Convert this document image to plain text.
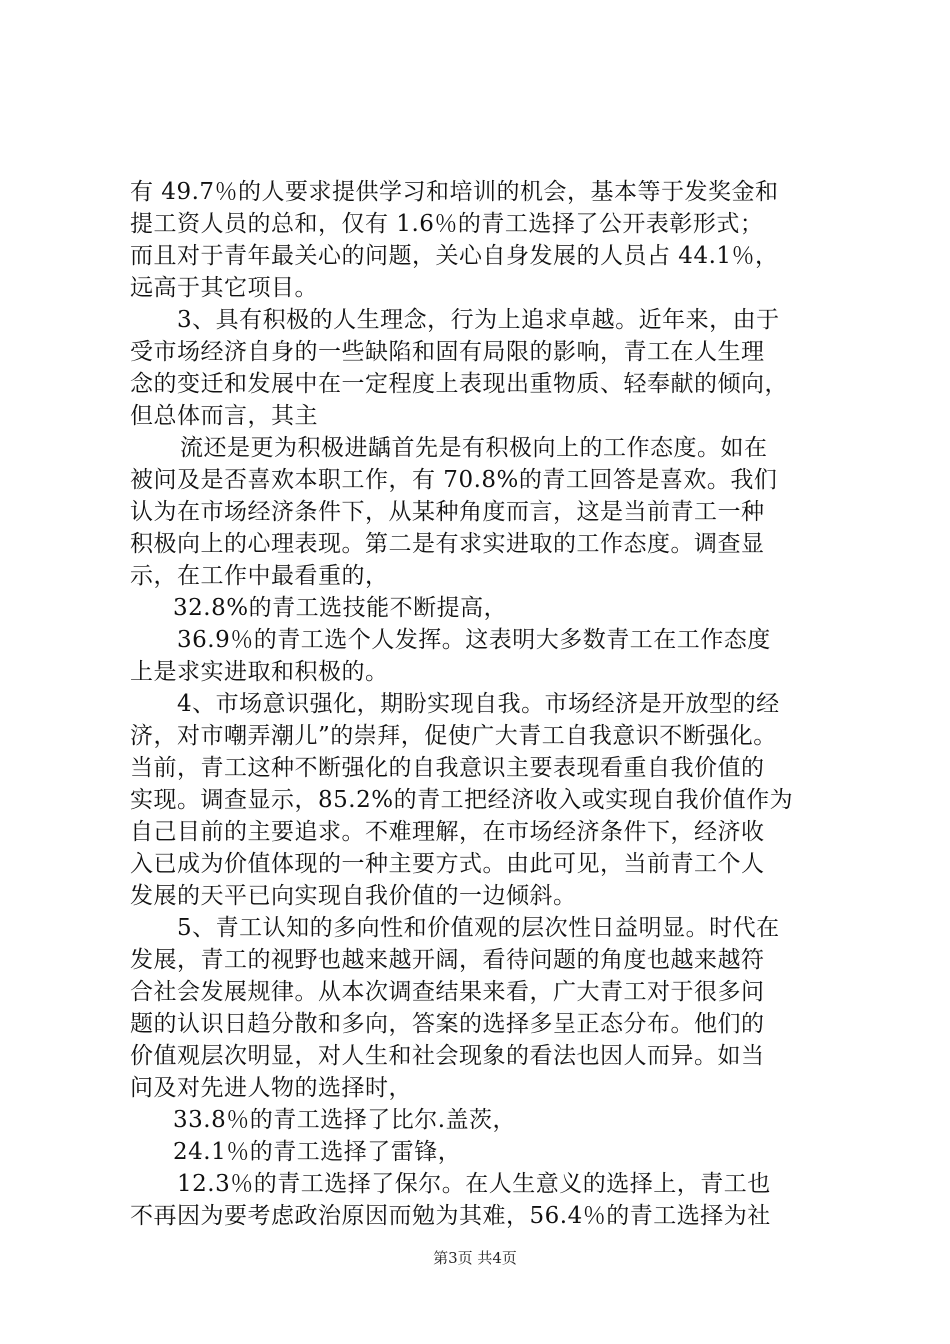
有 49.7％的人要求提供学习和培训的机会，基本等于发奖金和
提工资人员的总和，仅有 1.6％的青工选择了公开表彰形式；
而且对于青年最关心的问题，关心自身发展的人员占 44.1％，
远高于其它项目。
3、具有积极的人生理念，行为上追求卓越。近年来，由于
受市场经济自身的一些缺陷和固有局限的影响，青工在人生理
念的变迁和发展中在一定程度上表现出重物质、轻奉献的倾向，
但总体而言，其主
流还是更为积极进龋首先是有积极向上的工作态度。如在
被问及是否喜欢本职工作，有 70.8%的青工回答是喜欢。我们
认为在市场经济条件下，从某种角度而言，这是当前青工一种
积极向上的心理表现。第二是有求实进取的工作态度。调查显
示，在工作中最看重的，
32.8%的青工选技能不断提高，
36.9％的青工选个人发挥。这表明大多数青工在工作态度
上是求实进取和积极的。
4、市场意识强化，期盼实现自我。市场经济是开放型的经
济，对市嘲弄潮儿”的崇拜，促使广大青工自我意识不断强化。
当前，青工这种不断强化的自我意识主要表现看重自我价值的
实现。调查显示，85.2%的青工把经济收入或实现自我价值作为
自己目前的主要追求。不难理解，在市场经济条件下，经济收
入已成为价值体现的一种主要方式。由此可见，当前青工个人
发展的天平已向实现自我价值的一边倾斜。
5、青工认知的多向性和价值观的层次性日益明显。时代在
发展，青工的视野也越来越开阔，看待问题的角度也越来越符
合社会发展规律。从本次调查结果来看，广大青工对于很多问
题的认识日趋分散和多向，答案的选择多呈正态分布。他们的
价值观层次明显，对人生和社会现象的看法也因人而异。如当
问及对先进人物的选择时，
33.8％的青工选择了比尔.盖茨，
24.1％的青工选择了雷锋，
12.3％的青工选择了保尔。在人生意义的选择上，青工也
不再因为要考虑政治原因而勉为其难，56.4％的青工选择为社
第3页 共4页
